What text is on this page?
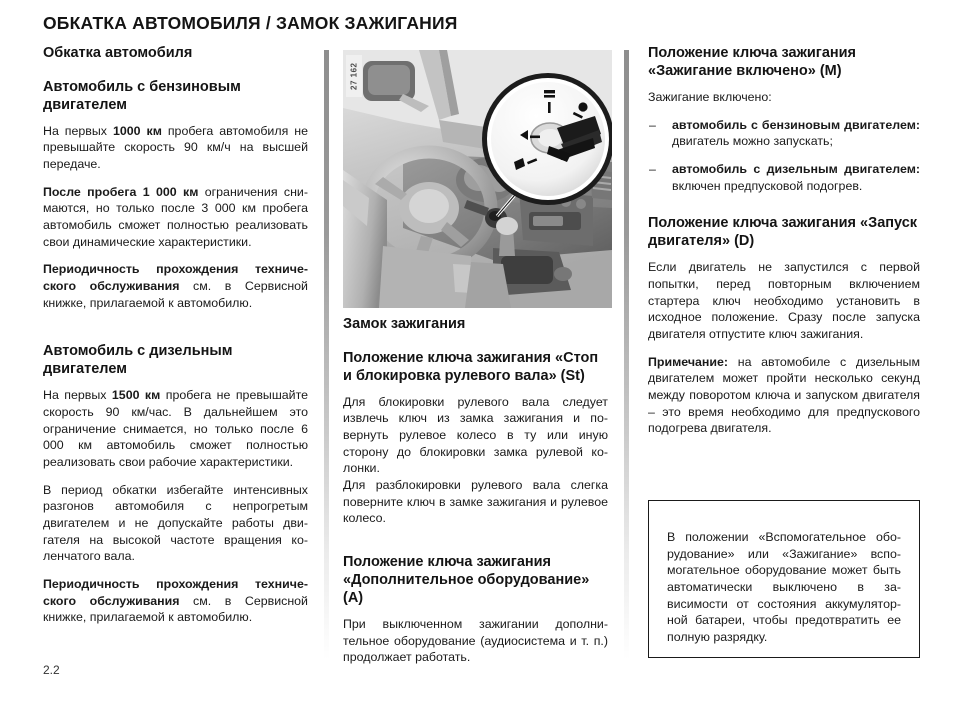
ОБКАТКА АВТОМОБИЛЯ / ЗАМОК ЗАЖИГАНИЯ
Обкатка автомобиля
Автомобиль с бензиновым двигателем

На первых 1000 км пробега автомобиля не превышайте скорость 90 км/ч на высшей передаче.

После пробега 1 000 км ограничения снимаются, но только после 3 000 км пробега автомобиль сможет полностью реализовать свои динамические характеристики.

Периодичность прохождения технического обслуживания см. в Сервисной книжке, прилагаемой к автомобилю.

Автомобиль с дизельным двигателем

На первых 1500 км пробега не превышайте скорость 90 км/час. В дальнейшем это ограничение снимается, но только после 6 000 км автомобиль сможет полностью реализовать свои рабочие характеристики.

В период обкатки избегайте интенсивных разгонов автомобиля с непрогретым двигателем и не допускайте работы двигателя на высокой частоте вращения коленчатого вала.

Периодичность прохождения технического обслуживания см. в Сервисной книжке, прилагаемой к автомобилю.

27 162
Замок зажигания
Положение ключа зажигания «Стоп и блокировка рулевого вала» (St)

Для блокировки рулевого вала следует извлечь ключ из замка зажигания и повернуть рулевое колесо в ту или иную сторону до блокировки замка рулевой колонки.

Для разблокировки рулевого вала слегка поверните ключ в замке зажигания и рулевое колесо.

Положение ключа зажигания «Дополнительное оборудование» (A)

При выключенном зажигании дополнительное оборудование (аудиосистема и т. п.) продолжает работать.

Положение ключа зажигания «Зажигание включено» (M)

Зажигание включено:

– автомобиль с бензиновым двигателем: двигатель можно запускать;
– автомобиль с дизельным двигателем: включен предпусковой подогрев.
Положение ключа зажигания «Запуск двигателя» (D)

Если двигатель не запустился с первой попытки, перед повторным включением стартера ключ необходимо установить в исходное положение. Сразу после запуска двигателя отпустите ключ зажигания.

Примечание: на автомобиле с дизельным двигателем может пройти несколько секунд между поворотом ключа и запуском двигателя – это время необходимо для предпускового подогрева двигателя.

В положении «Вспомогательное оборудование» или «Зажигание» вспомогательное оборудование может быть автоматически выключено в зависимости от состояния аккумуляторной батареи, чтобы предотвратить ее полную разрядку.

2.2
